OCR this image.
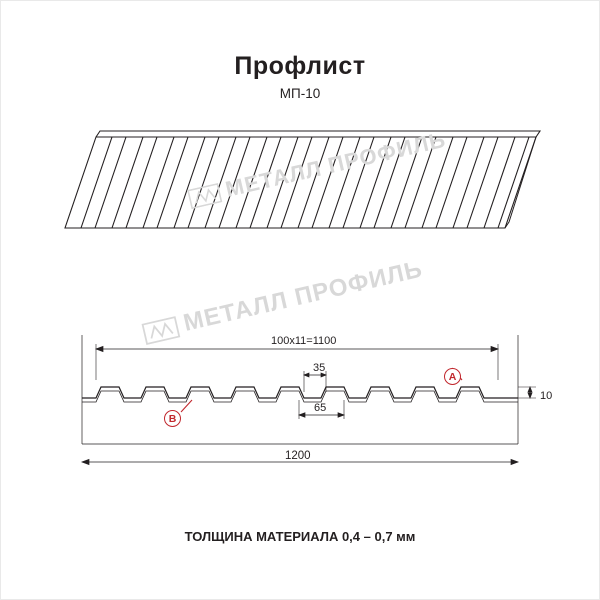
Профлист
МП-10
МЕТАЛЛ ПРОФИЛЬ
МЕТАЛЛ ПРОФИЛЬ
100x11=1100
35
65
10
1200
A
B
ТОЛЩИНА МАТЕРИАЛА 0,4 – 0,7 мм
